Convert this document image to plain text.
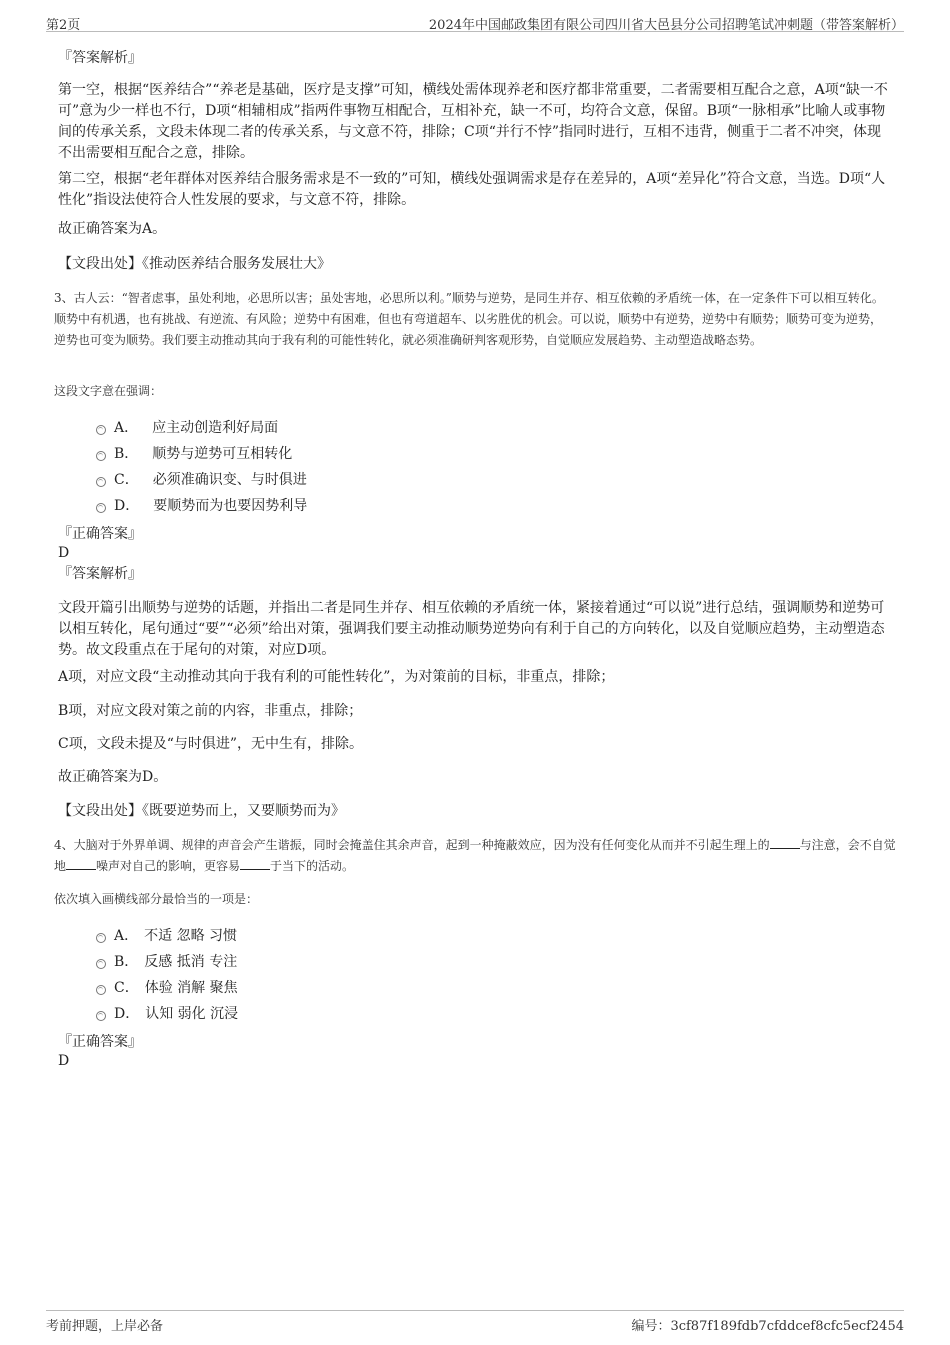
第2页	2024年中国邮政集团有限公司四川省大邑县分公司招聘笔试冲刺题（带答案解析）
『答案解析』
第一空，根据“医养结合”“养老是基础，医疗是支撑”可知，横线处需体现养老和医疗都非常重要，二者需要相互配合之意，A项“缺一不可”意为少一样也不行，D项“相辅相成”指两件事物互相配合，互相补充，缺一不可，均符合文意，保留。B项“一脉相承”比喻人或事物间的传承关系，文段未体现二者的传承关系，与文意不符，排除；C项“并行不悖”指同时进行，互相不违背，侧重于二者不冲突，体现不出需要相互配合之意，排除。
第二空，根据“老年群体对医养结合服务需求是不一致的”可知，横线处强调需求是存在差异的，A项“差异化”符合文意，当选。D项“人性化”指设法使符合人性发展的要求，与文意不符，排除。
故正确答案为A。
【文段出处】《推动医养结合服务发展壮大》
3、古人云：“智者虑事，虽处利地，必思所以害；虽处害地，必思所以利。”顺势与逆势，是同生并存、相互依赖的矛盾统一体，在一定条件下可以相互转化。顺势中有机遇，也有挑战、有逆流、有风险；逆势中有困难，但也有弯道超车、以劣胜优的机会。可以说，顺势中有逆势，逆势中有顺势；顺势可变为逆势，逆势也可变为顺势。我们要主动推动其向于我有利的可能性转化，就必须准确研判客观形势，自觉顺应发展趋势、主动塑造战略态势。
这段文字意在强调：
A． 应主动创造利好局面
B． 顺势与逆势可互相转化
C． 必须准确识变、与时俱进
D． 要顺势而为也要因势利导
『正确答案』
D
『答案解析』
文段开篇引出顺势与逆势的话题，并指出二者是同生并存、相互依赖的矛盾统一体，紧接着通过“可以说”进行总结，强调顺势和逆势可以相互转化，尾句通过“要”“必须”给出对策，强调我们要主动推动顺势逆势向有利于自己的方向转化，以及自觉顺应趋势，主动塑造态势。故文段重点在于尾句的对策，对应D项。
A项，对应文段“主动推动其向于我有利的可能性转化”，为对策前的目标，非重点，排除；
B项，对应文段对策之前的内容，非重点，排除；
C项，文段未提及“与时俱进”，无中生有，排除。
故正确答案为D。
【文段出处】《既要逆势而上，又要顺势而为》
4、大脑对于外界单调、规律的声音会产生谐振，同时会掩盖住其余声音，起到一种掩蔽效应，因为没有任何变化从而并不引起生理上的	与注意，会不自觉地	噪声对自己的影响，更容易	于当下的活动。
依次填入画横线部分最恰当的一项是：
A． 不适 忽略 习惯
B． 反感 抵消 专注
C． 体验 消解 聚焦
D． 认知 弱化 沉浸
『正确答案』
D
考前押题，上岸必备	编号：3cf87f189fdb7cfddcef8cfc5ecf2454
